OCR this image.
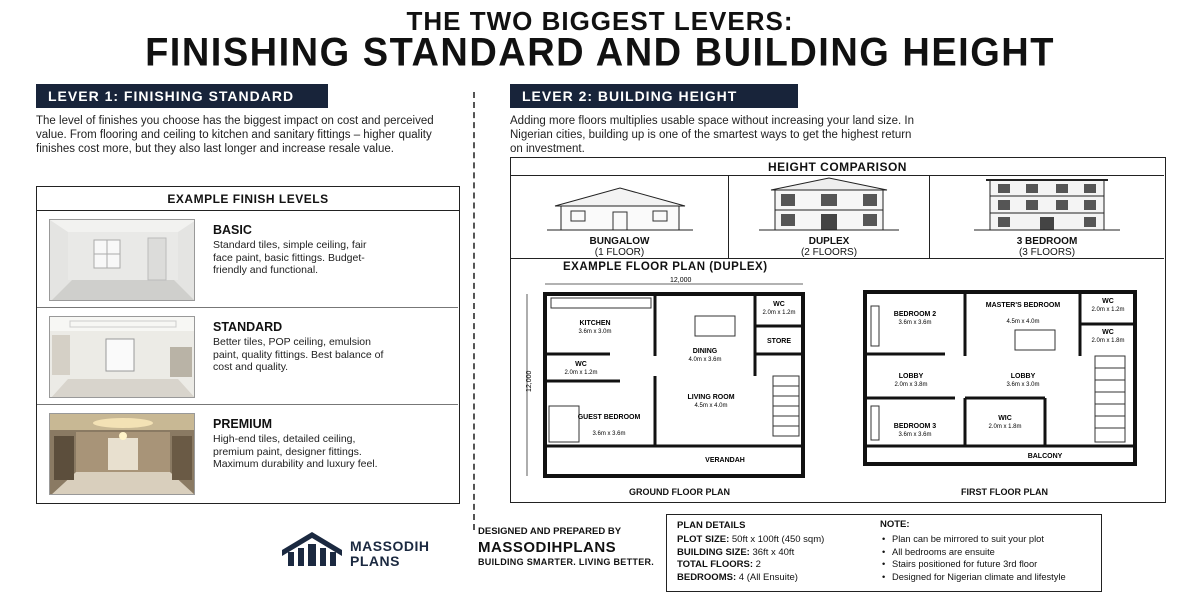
THE TWO BIGGEST LEVERS:
FINISHING STANDARD AND BUILDING HEIGHT
LEVER 1: FINISHING STANDARD
The level of finishes you choose has the biggest impact on cost and perceived value. From flooring and ceiling to kitchen and sanitary fittings – higher quality finishes cost more, but they also last longer and increase resale value.
EXAMPLE FINISH LEVELS
BASIC
Standard tiles, simple ceiling, fair face paint, basic fittings. Budget-friendly and functional.
STANDARD
Better tiles, POP ceiling, emulsion paint, quality fittings. Best balance of cost and quality.
PREMIUM
High-end tiles, detailed ceiling, premium paint, designer fittings. Maximum durability and luxury feel.
LEVER 2: BUILDING HEIGHT
Adding more floors multiplies usable space without increasing your land size. In Nigerian cities, building up is one of the smartest ways to get the highest return on investment.
HEIGHT COMPARISON
BUNGALOW
(1 FLOOR)
DUPLEX
(2 FLOORS)
3 BEDROOM
(3 FLOORS)
EXAMPLE FLOOR PLAN (DUPLEX)
12,000
12,000
KITCHEN
3.6m x 3.0m
DINING
4.0m x 3.6m
WC
2.0m x 1.2m
STORE
WC
2.0m x 1.2m
LIVING ROOM
4.5m x 4.0m
GUEST BEDROOM
3.6m x 3.6m
VERANDAH
BEDROOM 2
3.6m x 3.6m
MASTER'S BEDROOM
4.5m x 4.0m
WC
2.0m x 1.2m
WC
2.0m x 1.8m
LOBBY
2.0m x 3.8m
LOBBY
3.6m x 3.0m
BEDROOM 3
3.6m x 3.6m
WIC
2.0m x 1.8m
BALCONY
GROUND FLOOR PLAN	FIRST FLOOR PLAN
MASSODIH
PLANS
DESIGNED AND PREPARED BY
MASSODIHPLANS
BUILDING SMARTER. LIVING BETTER.
PLAN DETAILS
PLOT SIZE: 50ft x 100ft (450 sqm)
BUILDING SIZE: 36ft x 40ft
TOTAL FLOORS: 2
BEDROOMS: 4 (All Ensuite)
NOTE:
• Plan can be mirrored to suit your plot
• All bedrooms are ensuite
• Stairs positioned for future 3rd floor
• Designed for Nigerian climate and lifestyle
